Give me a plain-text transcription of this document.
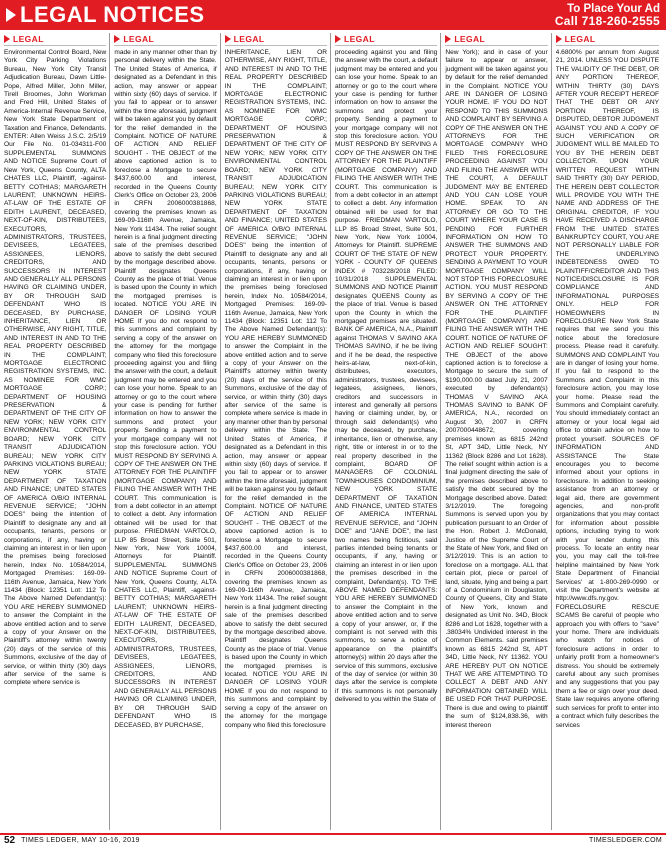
LEGAL NOTICES	To Place Your Ad
Call 718-260-2555
LEGAL
Environmental Control Board, New York City Parking Violations Bureau, New York City Transit Adjudication Bureau, Dawn Little-Pope, Alfred Miller, John Miller, Tirell Broomes, John Workman and Fred Hill, United States of America-Internal Revenue Service, New York State Department of Taxation and Finance, Defendants. ENTER: Allen Weiss J.S.C. 2/5/19 Our File No. 01-034311-F00 SUPPLEMENTAL SUMMONS AND NOTICE Supreme Court of New York, Queens County, ALTA CHATES LLC, Plaintiff, -against- BETTY COTHIAS; MARGARETH LAURENT; UNKNOWN HEIRS-AT-LAW OF THE ESTATE OF EDITH LAURENT, DECEASED, NEXT-OF-KIN, DISTRIBUTEES, EXECUTORS, ADMINISTRATORS, TRUSTEES, DEVISEES, LEGATEES, ASSIGNEES, LIENORS, CREDITORS, AND SUCCESSORS IN INTEREST AND GENERALLY ALL PERSONS HAVING OR CLAIMING UNDER, BY OR THROUGH SAID DEFENDANT WHO IS DECEASED, BY PURCHASE, INHERITANCE, LIEN OR OTHERWISE, ANY RIGHT, TITLE, AND INTEREST IN AND TO THE REAL PROPERTY DESCRIBED IN THE COMPLAINT; MORTGAGE ELECTRONIC REGISTRATION SYSTEMS, INC. AS NOMINEE FOR WMC MORTGAGE CORP.; DEPARTMENT OF HOUSING PRESERVATION & DEPARTMENT OF THE CITY OF NEW YORK; NEW YORK CITY ENVIRONMENTAL CONTROL BOARD; NEW YORK CITY TRANSIT ADJUDICATION BUREAU; NEW YORK CITY PARKING VIOLATIONS BUREAU; NEW YORK STATE DEPARTMENT OF TAXATION AND FINANCE; UNITED STATES OF AMERICA O/B/O INTERNAL REVENUE SERVICE; "JOHN DOES" being the intention of Plaintiff to designate any and all occupants, tenants, persons or corporations, if any, having or claiming an interest in or lien upon the premises being foreclosed herein, Index No. 10584/2014, Mortgaged Premises: 169-09-116th Avenue, Jamaica, New York 11434 (Block: 12351 Lot: 112 To The Above Named Defendant(s): YOU ARE HEREBY SUMMONED to answer the Complaint in the above entitled action and to serve a copy of your Answer on the Plaintiff's attorney within twenty (20) days of the service of this Summons, exclusive of the day of service, or within thirty (30) days after service of the same is complete where service is
LEGAL
made in any manner other than by personal delivery within the State. The United States of America, if designated as a Defendant in this action, may answer or appear within sixty (60) days of service. If you fail to appear or to answer within the time aforesaid, judgment will be taken against you by default for the relief demanded in the Complaint. NOTICE OF NATURE OF ACTION AND RELIEF SOUGHT - THE OBJECT of the above captioned action is to foreclose a Mortgage to secure $437,600.00 and interest, recorded in the Queens County Clerk's Office on October 23, 2006 in CRFN 2006000381868, covering the premises known as 169-09-116th Avenue, Jamaica, New York 11434. The relief sought herein is a final judgment directing sale of the premises described above to satisfy the debt secured by the mortgage described above. Plaintiff designates Queens County as the place of trial. Venue is based upon the County in which the mortgaged premises is located. NOTICE YOU ARE IN DANGER OF LOSING YOUR HOME If you do not respond to this summons and complaint by serving a copy of the answer on the attorney for the mortgage company who filed this foreclosure proceeding against you and filing the answer with the court, a default judgment may be entered and you can lose your home. Speak to an attorney or go to the court where your case is pending for further information on how to answer the summons and protect your property. Sending a payment to your mortgage company will not stop this foreclosure action. YOU MUST RESPOND BY SERVING A COPY OF THE ANSWER ON THE ATTORNEY FOR THE PLAINTIFF (MORTGAGE COMPANY) AND FILING THE ANSWER WITH THE COURT. This communication is from a debt collector in an attempt to collect a debt. Any information obtained will be used for that purpose. FRIEDMAN VARTOLO, LLP 85 Broad Street, Suite 501, New York, New York 10004, Attorneys for Plaintiff. SUPPLEMENTAL SUMMONS AND NOTICE Supreme Court of New York, Queens County, ALTA CHATES LLC, Plaintiff, -against- BETTY COTHIAS; MARGARETH LAURENT; UNKNOWN HEIRS-AT-LAW OF THE ESTATE OF EDITH LAURENT, DECEASED, NEXT-OF-KIN, DISTRIBUTEES, EXECUTORS, ADMINISTRATORS, TRUSTEES, DEVISEES, LEGATEES, ASSIGNEES, LIENORS, CREDITORS, AND SUCCESSORS IN INTEREST AND GENERALLY ALL PERSONS HAVING OR CLAIMING UNDER, BY OR THROUGH SAID DEFENDANT WHO IS DECEASED, BY PURCHASE,
LEGAL
INHERITANCE, LIEN OR OTHERWISE, ANY RIGHT, TITLE, AND INTEREST IN AND TO THE REAL PROPERTY DESCRIBED IN THE COMPLAINT; MORTGAGE ELECTRONIC REGISTRATION SYSTEMS, INC. AS NOMINEE FOR WMC MORTGAGE CORP.; DEPARTMENT OF HOUSING PRESERVATION & DEPARTMENT OF THE CITY OF NEW YORK; NEW YORK CITY ENVIRONMENTAL CONTROL BOARD; NEW YORK CITY TRANSIT ADJUDICATION BUREAU; NEW YORK CITY PARKING VIOLATIONS BUREAU; NEW YORK STATE DEPARTMENT OF TAXATION AND FINANCE; UNITED STATES OF AMERICA O/B/O INTERNAL REVENUE SERVICE; "JOHN DOES" being the intention of Plaintiff to designate any and all occupants, tenants, persons or corporations, if any, having or claiming an interest in or lien upon the premises being foreclosed herein, Index No. 10584/2014, Mortgaged Premises: 169-09-116th Avenue, Jamaica, New York 11434 (Block: 12351 Lot: 112 To The Above Named Defendant(s): YOU ARE HEREBY SUMMONED to answer the Complaint in the above entitled action and to serve a copy of your Answer on the Plaintiff's attorney within twenty (20) days of the service of this Summons, exclusive of the day of service, or within thirty (30) days after service of the same is complete where service is made in any manner other than by personal delivery within the State. The United States of America, if designated as a Defendant in this action, may answer or appear within sixty (60) days of service. If you fail to appear or to answer within the time aforesaid, judgment will be taken against you by default for the relief demanded in the Complaint. NOTICE OF NATURE OF ACTION AND RELIEF SOUGHT - THE OBJECT of the above captioned action is to foreclose a Mortgage to secure $437,600.00 and interest, recorded in the Queens County Clerk's Office on October 23, 2006 in CRFN 2006000381868, covering the premises known as 169-09-116th Avenue, Jamaica, New York 11434. The relief sought herein is a final judgment directing sale of the premises described above to satisfy the debt secured by the mortgage described above. Plaintiff designates Queens County as the place of trial. Venue is based upon the County in which the mortgaged premises is located. NOTICE YOU ARE IN DANGER OF LOSING YOUR HOME If you do not respond to this summons and complaint by serving a copy of the answer on the attorney for the mortgage company who filed this foreclosure
LEGAL
proceeding against you and filing the answer with the court, a default judgment may be entered and you can lose your home. Speak to an attorney or go to the court where your case is pending for further information on how to answer the summons and protect your property. Sending a payment to your mortgage company will not stop this foreclosure action. YOU MUST RESPOND BY SERVING A COPY OF THE ANSWER ON THE ATTORNEY FOR THE PLAINTIFF (MORTGAGE COMPANY) AND FILING THE ANSWER WITH THE COURT. This communication is from a debt collector in an attempt to collect a debt. Any information obtained will be used for that purpose. FRIEDMAN VARTOLO, LLP 85 Broad Street, Suite 501, New York, New York 10004, Attorneys for Plaintiff. SUPREME COURT OF THE STATE OF NEW YORK - COUNTY OF QUEENS INDEX # 703228/2018 FILED: 10/31/2018 SUPPLEMENTAL SUMMONS AND NOTICE Plaintiff designates QUEENS County as the place of trial. Venue is based upon the County in which the mortgaged premises are situated. BANK OF AMERICA, N.A., Plaintiff against THOMAS V SAVINO AKA THOMAS SAVINO, if he be living and if he be dead, the respective heirs-at-law, next-of-kin, distributees, executors, administrators, trustees, devisees, legatees, assignees, lienors, creditors and successors in interest and generally all persons having or claiming under, by, or through said defendant(s) who may be deceased, by purchase, inheritance, lien or otherwise, any right, title or interest in or to the real property described in the complaint, BOARD OF MANAGERS OF COLONIAL TOWNHOUSES CONDOMINIUM, NEW YORK STATE DEPARTMENT OF TAXATION AND FINANCE, UNITED STATES OF AMERICA INTERNAL REVENUE SERVICE, and "JOHN DOE" and "JANE DOE", the last two names being fictitious, said parties intended being tenants or occupants, if any, having or claiming an interest in or lien upon the premises described in the complaint, Defendant(s). TO THE ABOVE NAMED DEFENDANTS: YOU ARE HEREBY SUMMONED to answer the Complaint in the above entitled action and to serve a copy of your answer, or, if the complaint is not served with this summons, to serve a notice of appearance on the plaintiff's attorney(s) within 20 days after the service of this summons, exclusive of the day of service (or within 30 days after the service is complete if this summons is not personally delivered to you within the State of
LEGAL
New York); and in case of your failure to appear or answer, judgment will be taken against you by default for the relief demanded in the Complaint. NOTICE YOU ARE IN DANGER OF LOSING YOUR HOME. IF YOU DO NOT RESPOND TO THIS SUMMONS AND COMPLAINT BY SERVING A COPY OF THE ANSWER ON THE ATTORNEYS FOR THE MORTGAGE COMPANY WHO FILED THIS FORECLOSURE PROCEEDING AGAINST YOU AND FILING THE ANSWER WITH THE COURT, A DEFAULT JUDGMENT MAY BE ENTERED AND YOU CAN LOSE YOUR HOME. SPEAK TO AN ATTORNEY OR GO TO THE COURT WHERE YOUR CASE IS PENDING FOR FURTHER INFORMATION ON HOW TO ANSWER THE SUMMONS AND PROTECT YOUR PROPERTY. SENDING A PAYMENT TO YOUR MORTGAGE COMPANY WILL NOT STOP THIS FORECLOSURE ACTION. YOU MUST RESPOND BY SERVING A COPY OF THE ANSWER ON THE ATTORNEY FOR THE PLAINTIFF (MORTGAGE COMPANY) AND FILING THE ANSWER WITH THE COURT. NOTICE OF NATURE OF ACTION AND RELIEF SOUGHT: THE OBJECT of the above captioned action is to foreclose a Mortgage to secure the sum of $190,000.00 dated July 21, 2007 executed by defendant(s) THOMAS V SAVINO AKA THOMAS SAVINO to BANK OF AMERICA, N.A., recorded on August 30, 2007 in CRFN 2007000448672, covering premises known as 6815 242nd St, APT 34D, Little Neck, NY 11362 (Block 8286 and Lot 1628). The relief sought within action is a final judgment directing the sale of the premises described above to satisfy the debt secured by the Mortgage described above. Dated: 3/12/2019. The foregoing Summons is served upon you by publication pursuant to an Order of the Hon. Robert J. McDonald, Justice of the Supreme Court of the State of New York, and filed on 3/12/2019. This is an action to foreclose on a mortgage. ALL that certain plot, piece or parcel of land, situate, lying and being a part of a Condominium in Douglaston, County of Queens, City and State of New York, known and designated as Unit No. 34D, Block 8286 and Lot 1628, together with a .38034% Undivided interest in the Common Elements. said premises known as 6815 242nd St, APT 34D, Little Neck, NY 11362. YOU ARE HEREBY PUT ON NOTICE THAT WE ARE ATTEMPTING TO COLLECT A DEBT AND ANY INFORMATION OBTAINED WILL BE USED FOR THAT PURPOSE. There is due and owing to plaintiff the sum of $124,838.36, with interest thereon
LEGAL
4.6800% per annum from August 21, 2014. UNLESS YOU DISPUTE THE VALIDITY OF THE DEBT, OR ANY PORTION THEREOF, WITHIN THIRTY (30) DAYS AFTER YOUR RECEIPT HEREOF THAT THE DEBT OR ANY PORTION THEREOF, IS DISPUTED, DEBTOR JUDGMENT AGAINST YOU AND A COPY OF SUCH VERIFICATION OR JUDGMENT WILL BE MAILED TO YOU BY THE HEREIN DEBT COLLECTOR. UPON YOUR WRITTEN REQUEST WITHIN SAID THIRTY (30) DAY PERIOD, THE HEREIN DEBT COLLECTOR WILL PROVIDE YOU WITH THE NAME AND ADDRESS OF THE ORIGINAL CREDITOR, IF YOU HAVE RECEIVED A DISCHARGE FROM THE UNITED STATES BANKRUPTCY COURT, YOU ARE NOT PERSONALLY LIABLE FOR THE UNDERLYING INDEBTEDNESS OWED TO PLAINTIFF/CREDITOR AND THIS NOTICE/DISCLOSURE IS FOR COMPLIANCE AND INFORMATIONAL PURPOSES ONLY. HELP FOR HOMEOWNERS IN FORECLOSURE New York State requires that we send you this notice about the foreclosure process. Please read it carefully. SUMMONS AND COMPLAINT You are in danger of losing your home. If you fail to respond to the Summons and Complaint in this foreclosure action, you may lose your home. Please read the Summons and Complaint carefully. You should immediately contact an attorney or your local legal aid office to obtain advice on how to protect yourself. SOURCES OF INFORMATION AND ASSISTANCE The State encourages you to become informed about your options in foreclosure. In addition to seeking assistance from an attorney or legal aid, there are government agencies, and non-profit organizations that you may contact for information about possible options, including trying to work with your lender during this process. To locate an entity near you, you may call the toll-free helpline maintained by New York State Department of Financial Services' at 1-800-269-0990 or visit the Department's website at http://www.dfs.ny.gov. FORECLOSURE RESCUE SCAMS Be careful of people who approach you with offers to "save" your home. There are individuals who watch for notices of foreclosure actions in order to unfairly profit from a homeowner's distress. You should be extremely careful about any such promises and any suggestions that you pay them a fee or sign over your deed. State law requires anyone offering such services for profit to enter into a contract which fully describes the services
52 TIMES LEDGER, MAY 10-16, 2019	TIMESLEDGER.COM
